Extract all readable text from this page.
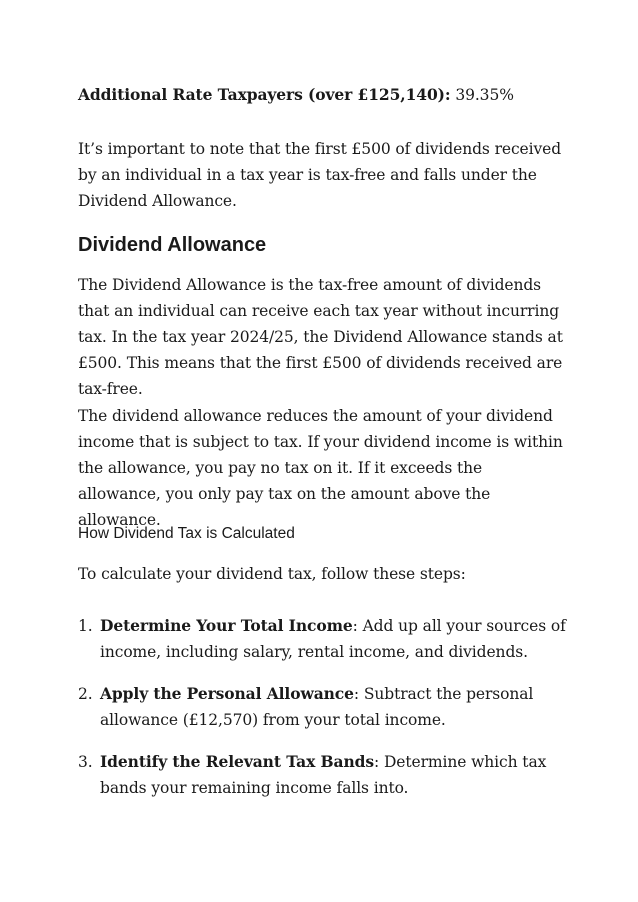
Additional Rate Taxpayers (over £125,140): 39.35%

It’s important to note that the first £500 of dividends received by an individual in a tax year is tax-free and falls under the Dividend Allowance.

Dividend Allowance

The Dividend Allowance is the tax-free amount of dividends that an individual can receive each tax year without incurring tax. In the tax year 2024/25, the Dividend Allowance stands at £500. This means that the first £500 of dividends received are tax-free.

The dividend allowance reduces the amount of your dividend income that is subject to tax. If your dividend income is within the allowance, you pay no tax on it. If it exceeds the allowance, you only pay tax on the amount above the allowance.

How Dividend Tax is Calculated

To calculate your dividend tax, follow these steps:

1. Determine Your Total Income: Add up all your sources of income, including salary, rental income, and dividends.
2. Apply the Personal Allowance: Subtract the personal allowance (£12,570) from your total income.
3. Identify the Relevant Tax Bands: Determine which tax bands your remaining income falls into.
